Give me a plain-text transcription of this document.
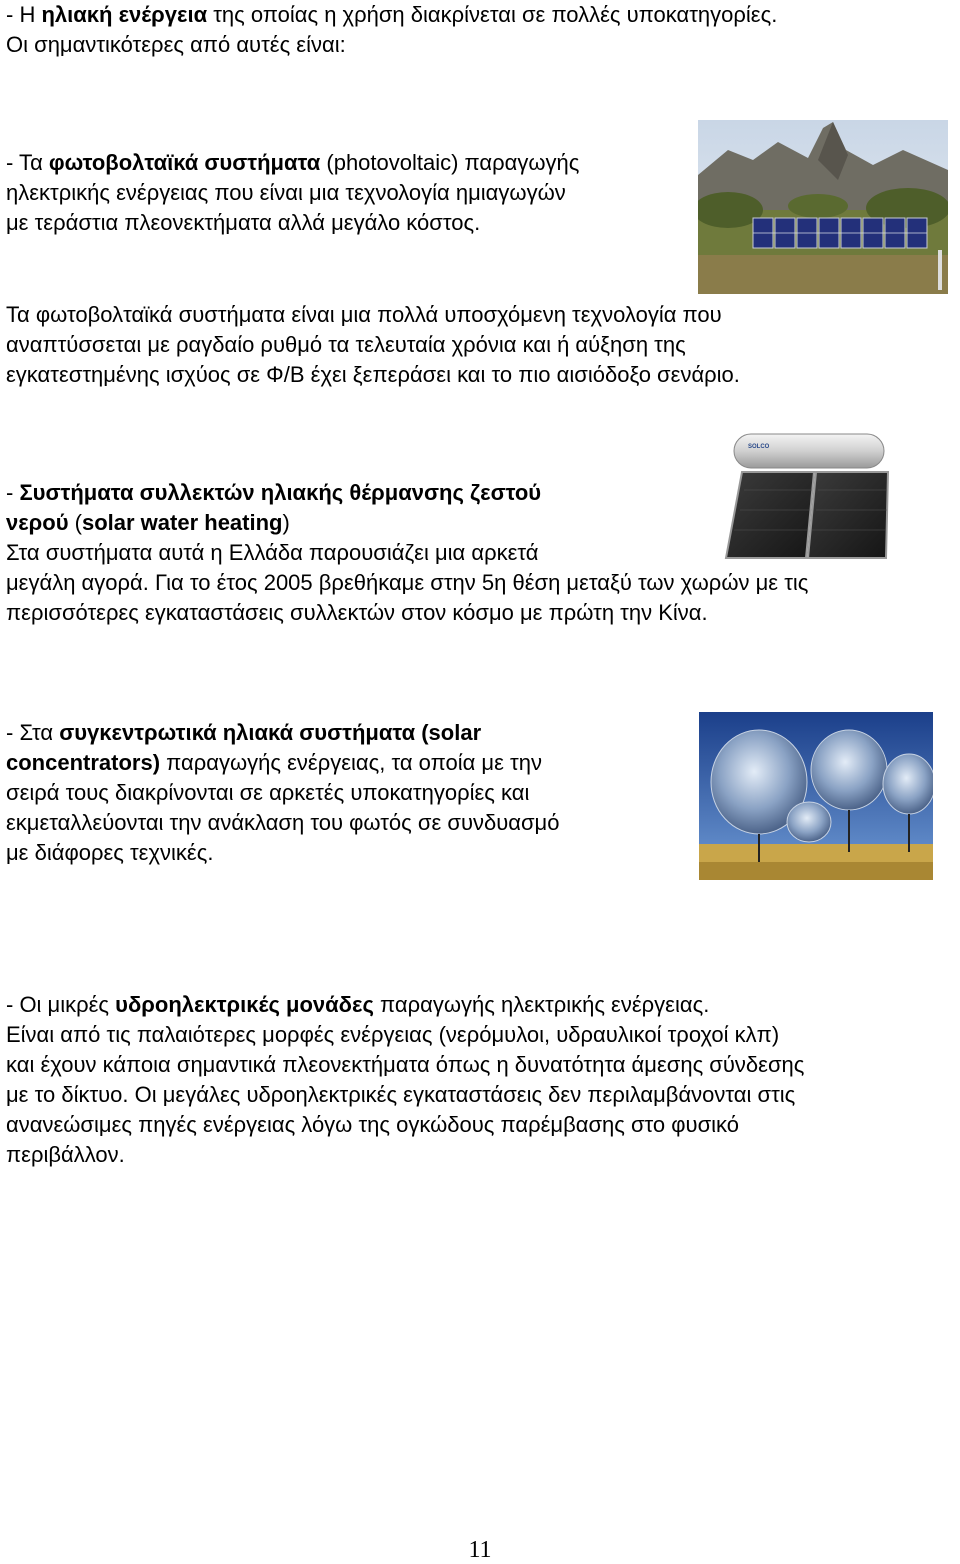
- Η ηλιακή ενέργεια της οποίας η χρήση διακρίνεται σε πολλές υποκατηγορίες.
Οι σημαντικότερες από αυτές είναι:

- Τα φωτοβολταϊκά συστήματα (photovoltaic) παραγωγής
ηλεκτρικής ενέργειας που είναι μια τεχνολογία ημιαγωγών
με τεράστια πλεονεκτήματα αλλά μεγάλο κόστος.

Τα φωτοβολταϊκά συστήματα είναι μια πολλά υποσχόμενη τεχνολογία που
αναπτύσσεται με ραγδαίο ρυθμό τα τελευταία χρόνια και ή αύξηση της
εγκατεστημένης ισχύος σε Φ/Β έχει ξεπεράσει και το πιο αισιόδοξο σενάριο.

SOLCO

- Συστήματα συλλεκτών ηλιακής θέρμανσης ζεστού
νερού (solar water heating)
Στα συστήματα αυτά η Ελλάδα παρουσιάζει μια αρκετά
μεγάλη αγορά. Για το έτος 2005 βρεθήκαμε στην 5η θέση μεταξύ των χωρών με τις
περισσότερες εγκαταστάσεις συλλεκτών στον κόσμο με πρώτη την Κίνα.

- Στα συγκεντρωτικά ηλιακά συστήματα (solar
concentrators) παραγωγής ενέργειας, τα οποία με την
σειρά τους διακρίνονται σε αρκετές υποκατηγορίες και
εκμεταλλεύονται την ανάκλαση του φωτός σε συνδυασμό
με διάφορες τεχνικές.

- Οι μικρές υδροηλεκτρικές μονάδες παραγωγής ηλεκτρικής ενέργειας.
Είναι από τις παλαιότερες μορφές ενέργειας (νερόμυλοι, υδραυλικοί τροχοί κλπ)
και έχουν κάποια σημαντικά πλεονεκτήματα όπως η δυνατότητα άμεσης σύνδεσης
με το δίκτυο. Οι μεγάλες υδροηλεκτρικές εγκαταστάσεις δεν περιλαμβάνονται στις
ανανεώσιμες πηγές ενέργειας λόγω της ογκώδους παρέμβασης στο φυσικό
περιβάλλον.

11
